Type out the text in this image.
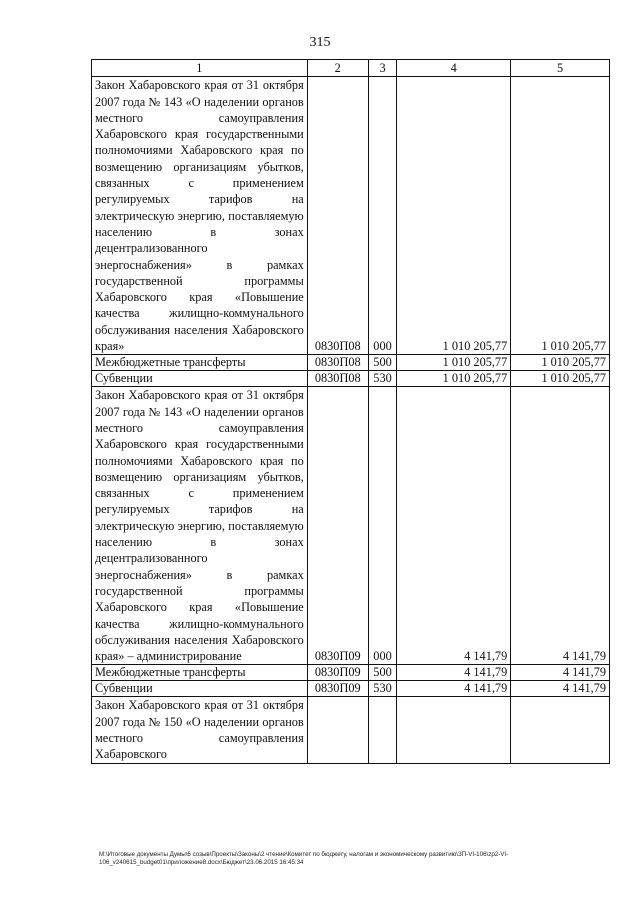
315
1	2	3	4	5
Закон Хабаровского края от 31 октября 2007 года № 143 «О наделении органов местного самоуправления Хабаровского края государственными полномочиями Хабаровского края по возмещению организациям убытков, связанных с применением регулируемых тарифов на электрическую энергию, поставляемую населению в зонах децентрализованного энергоснабжения» в рамках государственной программы Хабаровского края «Повышение качества жилищно-коммунального обслуживания населения Хабаровского края»	0830П08	000	1 010 205,77	1 010 205,77
Межбюджетные трансферты	0830П08	500	1 010 205,77	1 010 205,77
Субвенции	0830П08	530	1 010 205,77	1 010 205,77
Закон Хабаровского края от 31 октября 2007 года № 143 «О наделении органов местного самоуправления Хабаровского края государственными полномочиями Хабаровского края по возмещению организациям убытков, связанных с применением регулируемых тарифов на электрическую энергию, поставляемую населению в зонах децентрализованного энергоснабжения» в рамках государственной программы Хабаровского края «Повышение качества жилищно-коммунального обслуживания населения Хабаровского края» – администрирование	0830П09	000	4 141,79	4 141,79
Межбюджетные трансферты	0830П09	500	4 141,79	4 141,79
Субвенции	0830П09	530	4 141,79	4 141,79
Закон Хабаровского края от 31 октября 2007 года № 150 «О наделении органов местного самоуправления Хабаровского				
М:\Итоговые документы Думы\6 созыв\Проекты\Законы\2 чтение\Комитет по бюджету, налогам и экономическому развитию\ЗП-VI-106\zp2-VI-106_v240615_budget01\приложение8.docx\Бюджет\23.06.2015 16:45:34
